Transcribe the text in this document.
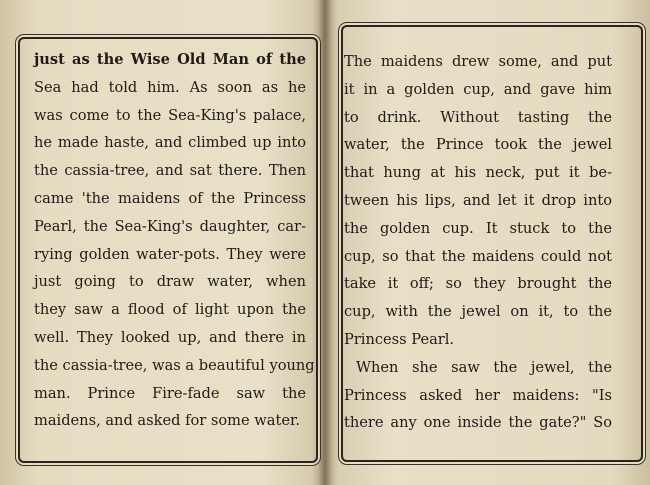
just as the Wise Old Man of the
Sea had told him. As soon as he
was come to the Sea-King's palace,
he made haste, and climbed up into
the cassia-tree, and sat there. Then
came 'the maidens of the Princess
Pearl, the Sea-King's daughter, car-
rying golden water-pots. They were
just going to draw water, when
they saw a flood of light upon the
well. They looked up, and there in
the cassia-tree, was a beautiful young
man. Prince Fire-fade saw the
maidens, and asked for some water.
The maidens drew some, and put
it in a golden cup, and gave him
to drink. Without tasting the
water, the Prince took the jewel
that hung at his neck, put it be-
tween his lips, and let it drop into
the golden cup. It stuck to the
cup, so that the maidens could not
take it off; so they brought the
cup, with the jewel on it, to the
Princess Pearl.
When she saw the jewel, the
Princess asked her maidens: "Is
there any one inside the gate?" So
